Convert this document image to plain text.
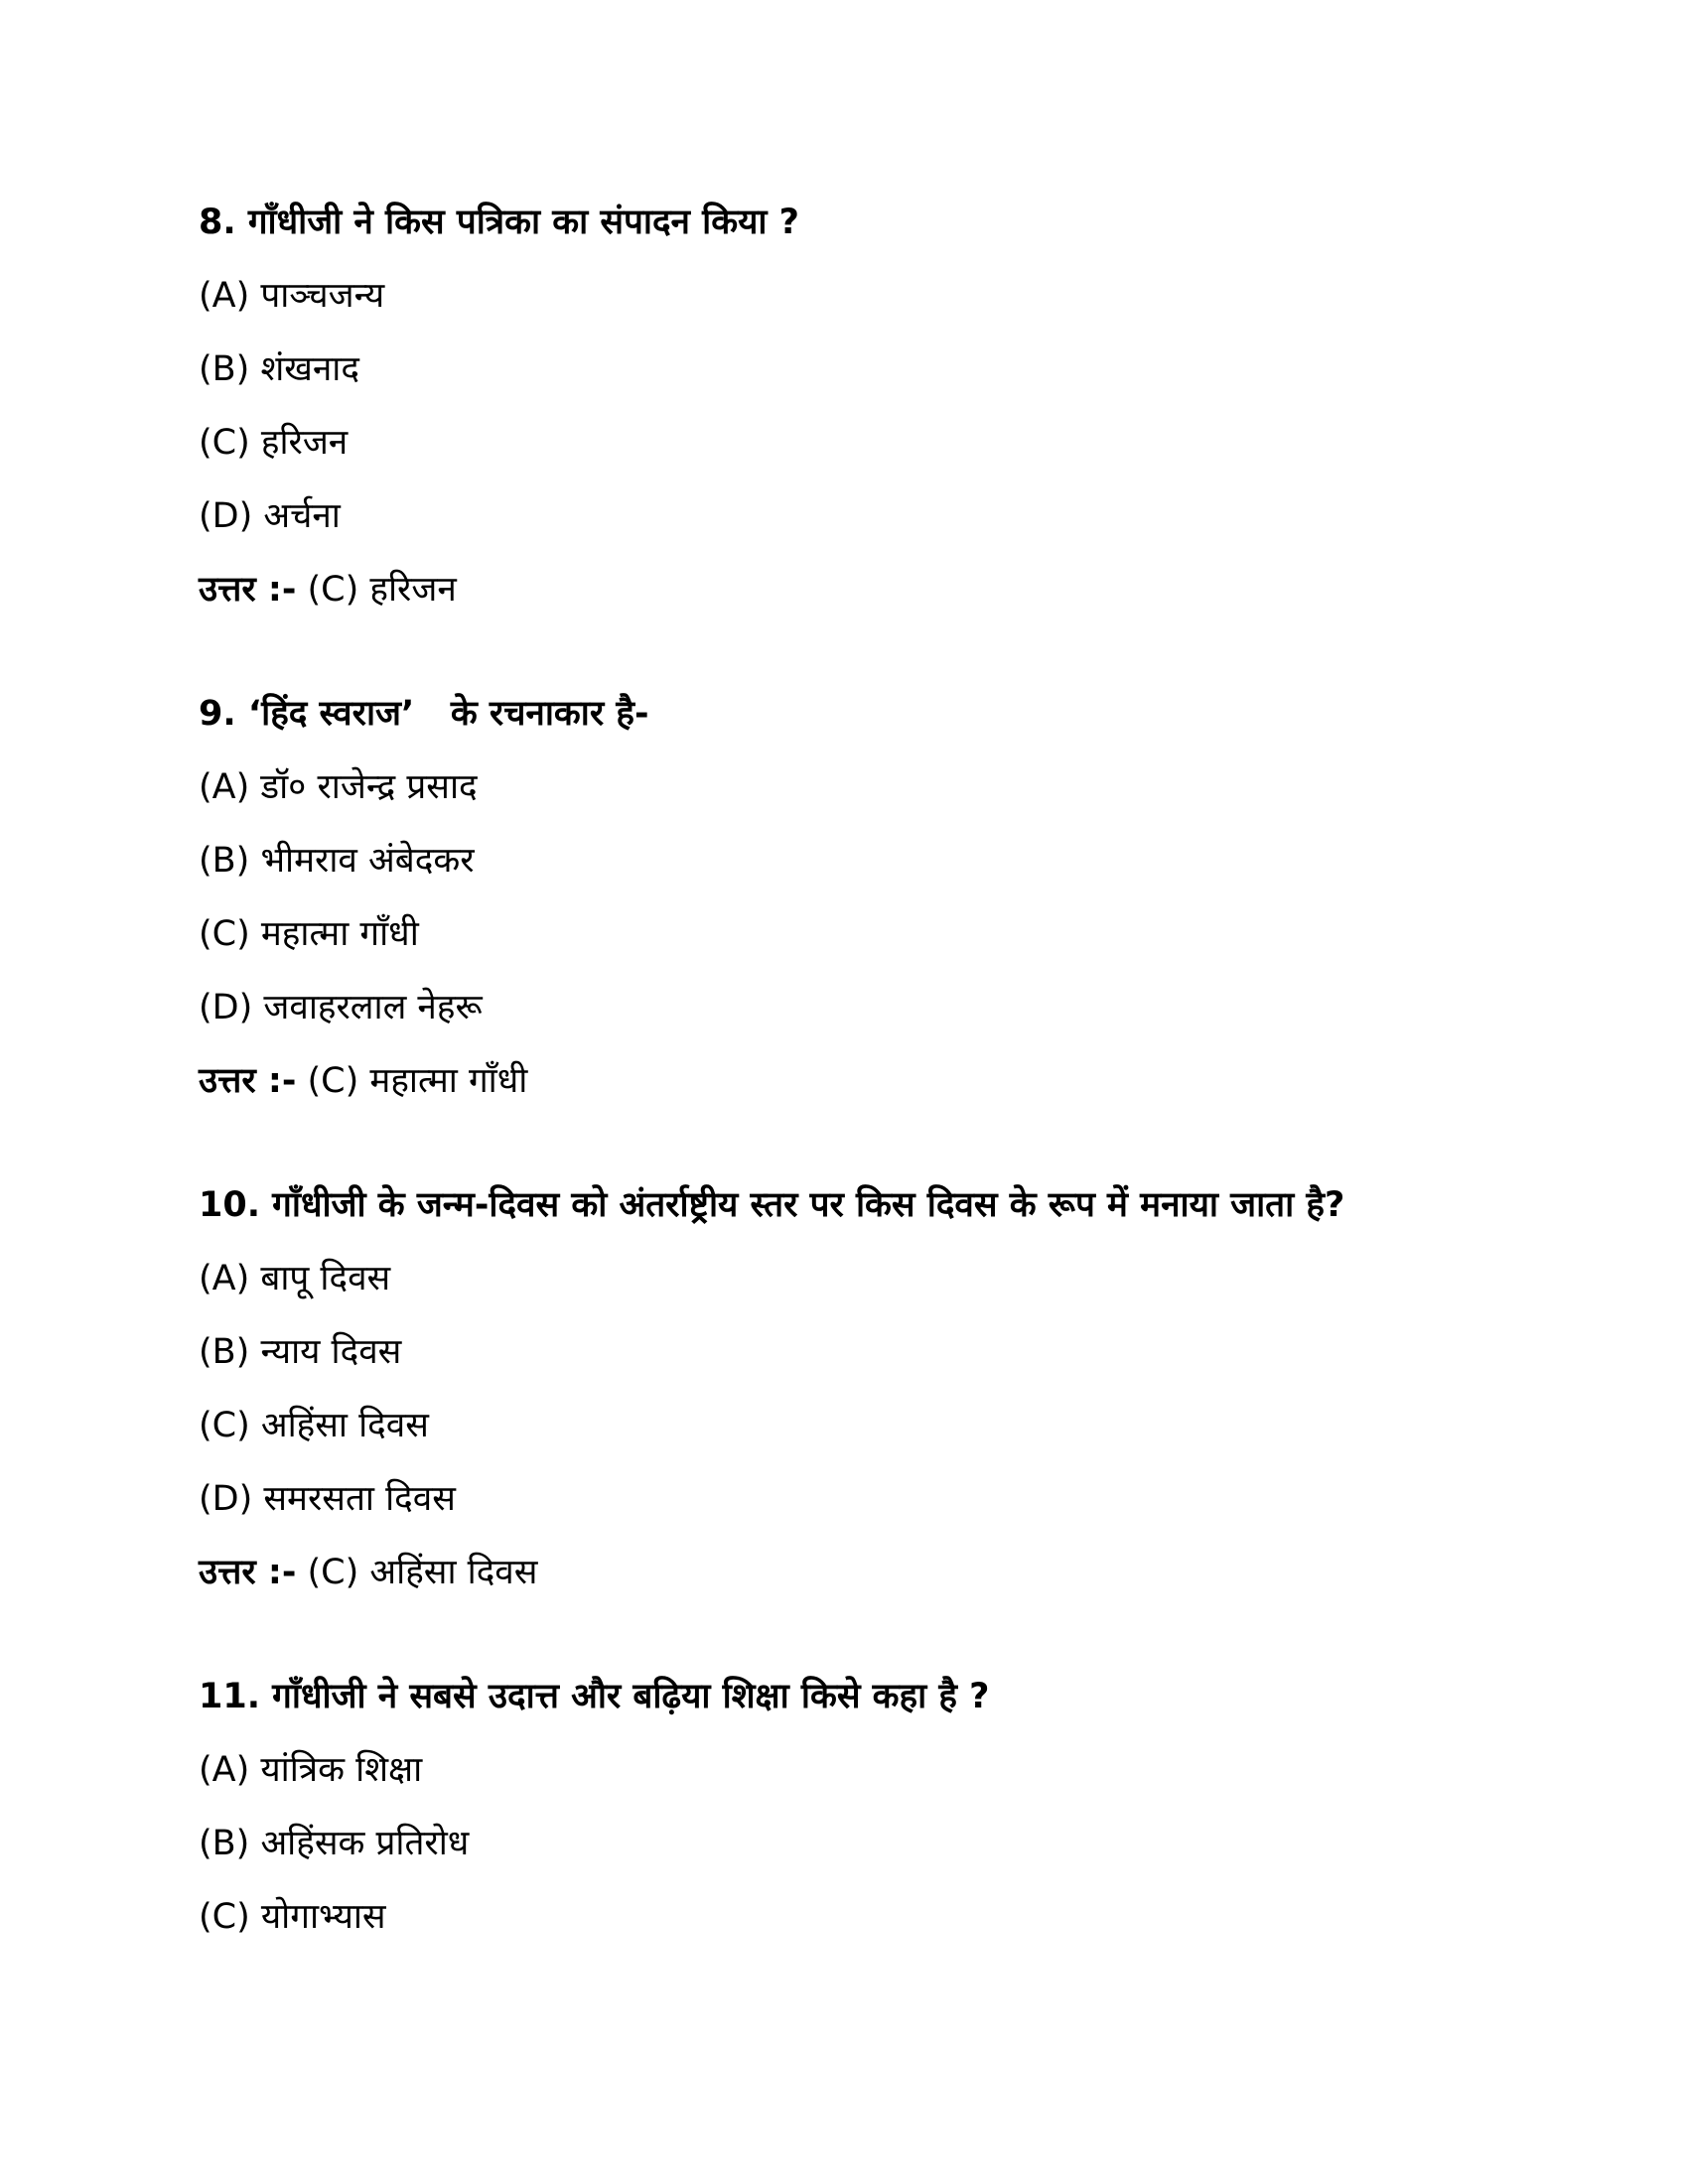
8. गाँधीजी ने किस पत्रिका का संपादन किया ?
(A) पाञ्चजन्य
(B) शंखनाद
(C) हरिजन
(D) अर्चना
उत्तर :- (C) हरिजन
9. ‘हिंद स्वराज’   के रचनाकार है-
(A) डॉ० राजेन्द्र प्रसाद
(B) भीमराव अंबेदकर
(C) महात्मा गाँधी
(D) जवाहरलाल नेहरू
उत्तर :- (C) महात्मा गाँधी
10. गाँधीजी के जन्म-दिवस को अंतर्राष्ट्रीय स्तर पर किस दिवस के रूप में मनाया जाता है?
(A) बापू दिवस
(B) न्याय दिवस
(C) अहिंसा दिवस
(D) समरसता दिवस
उत्तर :- (C) अहिंसा दिवस
11. गाँधीजी ने सबसे उदात्त और बढ़िया शिक्षा किसे कहा है ?
(A) यांत्रिक शिक्षा
(B) अहिंसक प्रतिरोध
(C) योगाभ्यास
